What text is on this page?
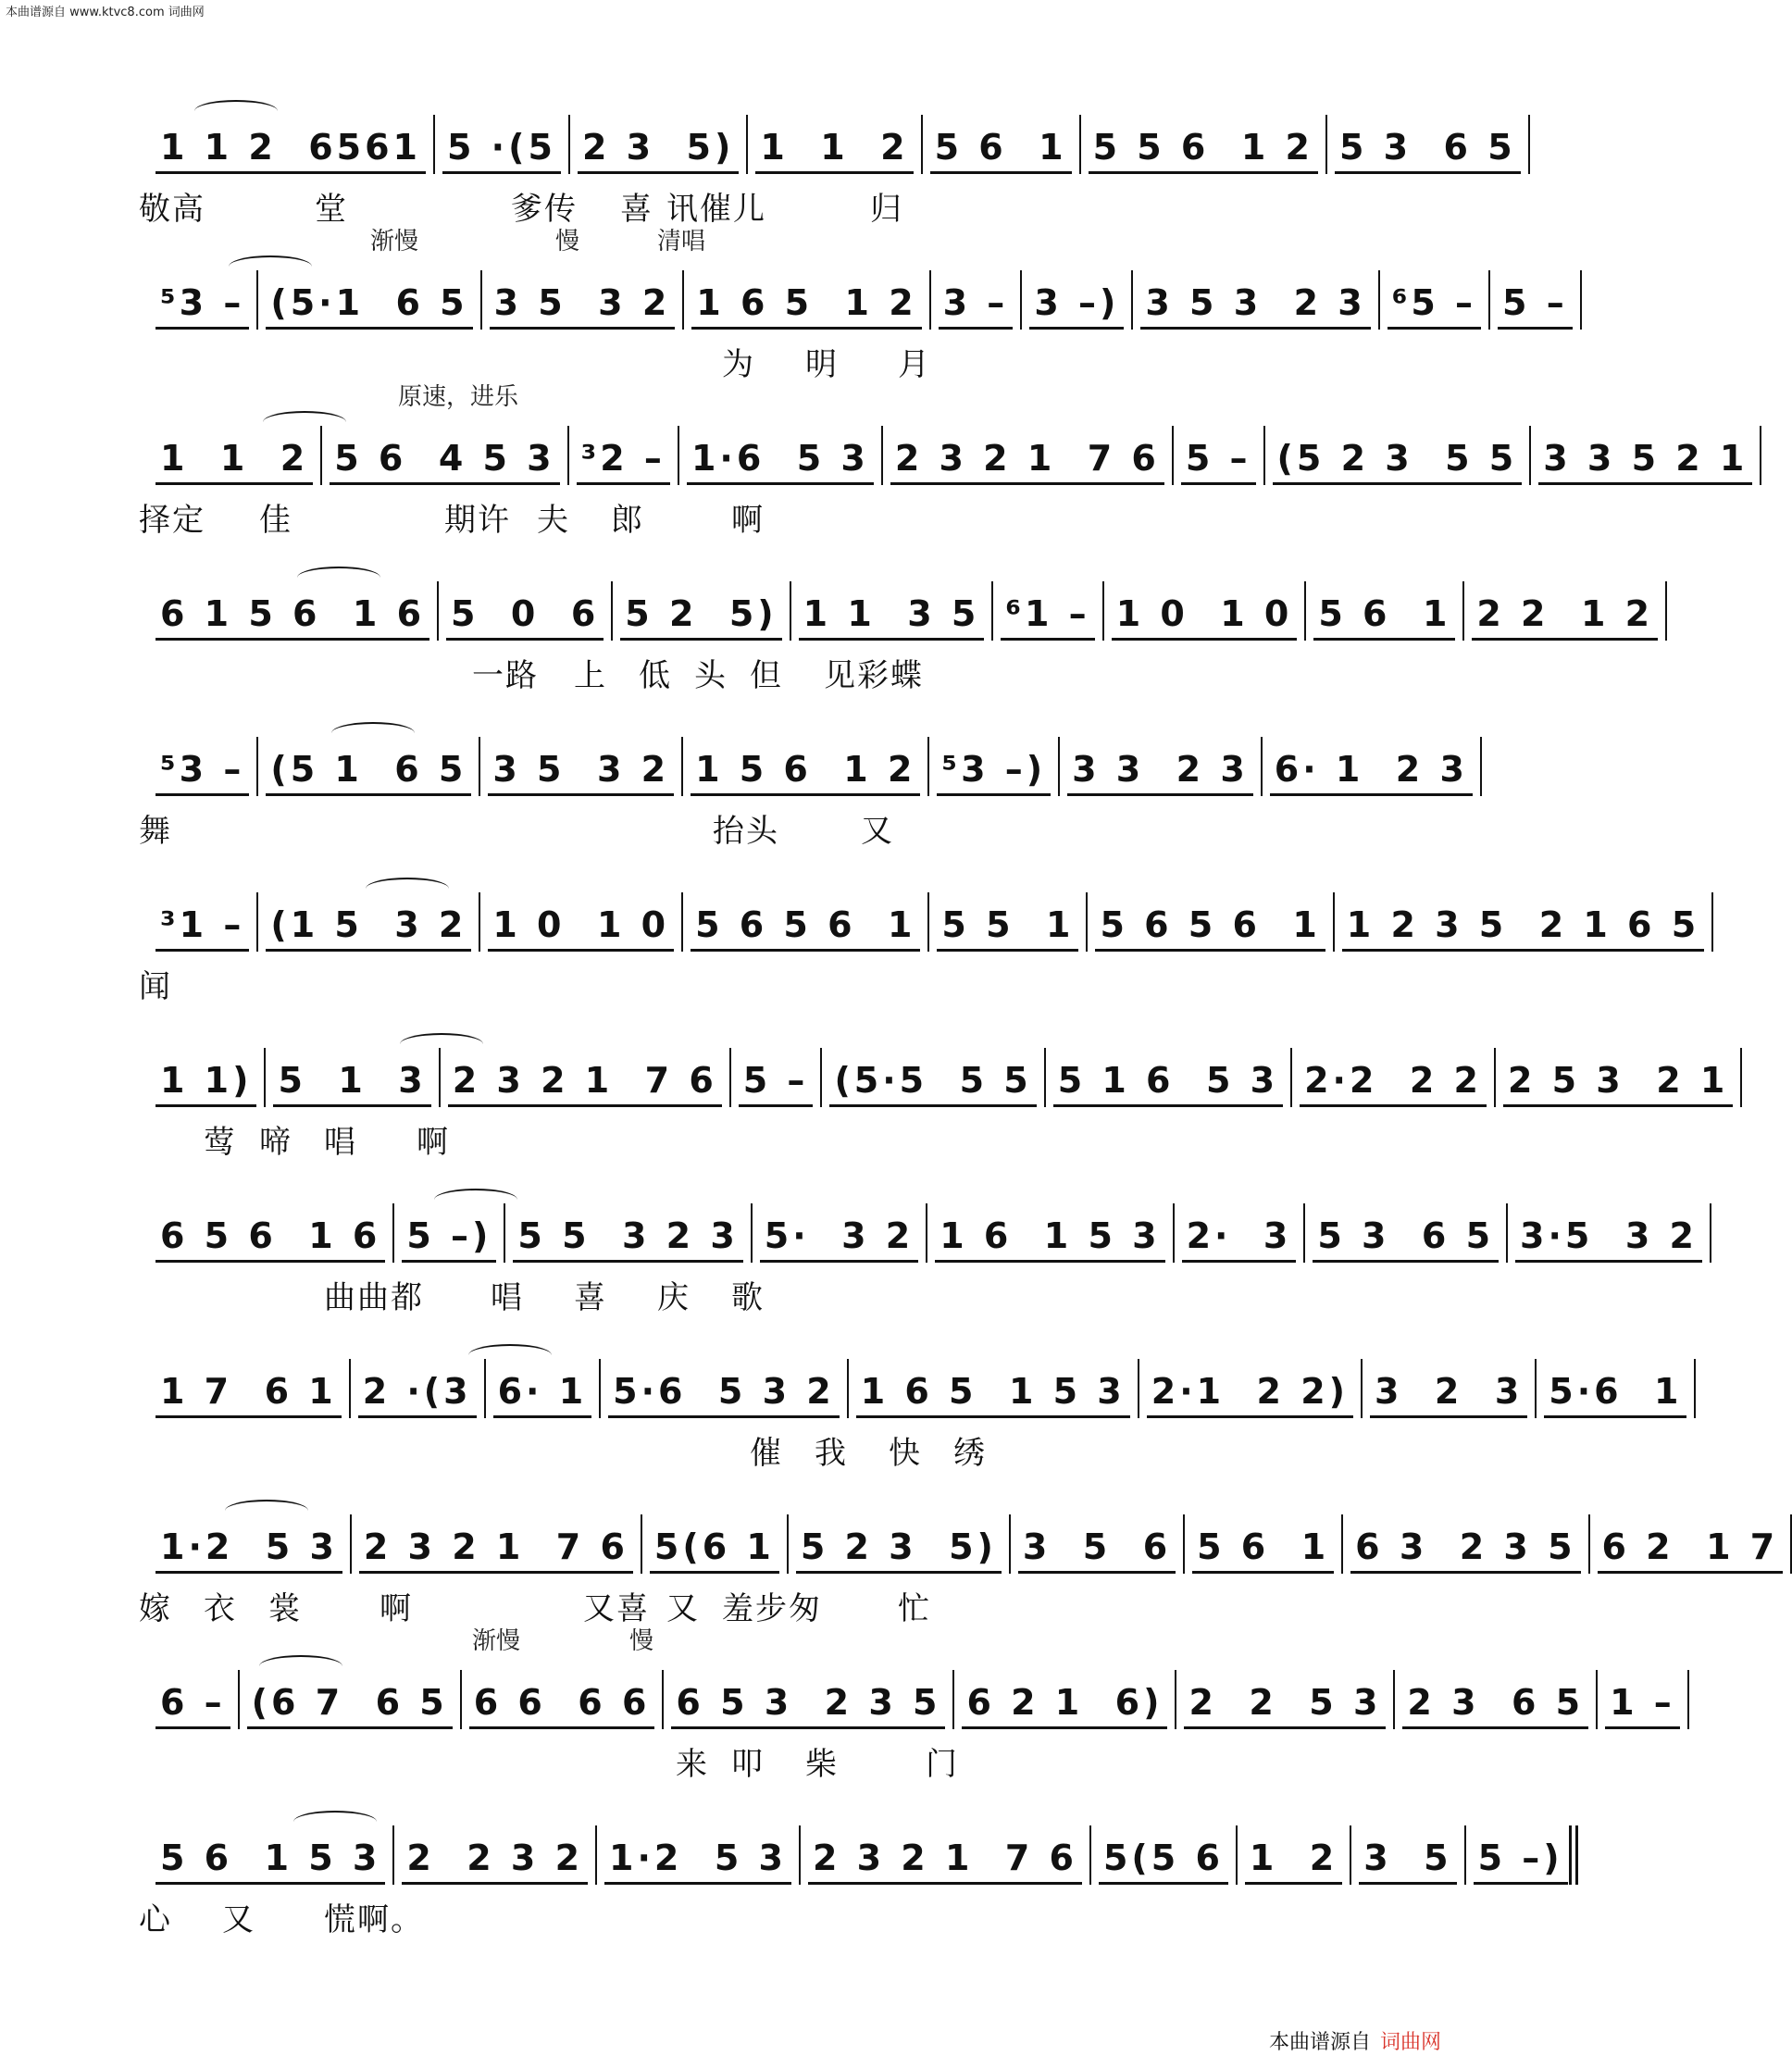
本曲谱源自 www.ktvc8.com 词曲网
1 1 2  6561 5 ·(5 2 3  5) 1  1  2 5 6  1 5 5 6  1 2 5 3  6 5
敬高	堂	爹传 喜 讯催儿	归
渐慢	慢	清唱
⁵3 – (5·1  6 5 3 5  3 2 1 6 5  1 2 3 – 3 –) 3 5 3  2 3 ⁶5 – 5 –
为 明 月
原速，进乐
1  1  2 5 6  4 5 3 ³2 – 1·6  5 3 2 3 2 1  7 6 5 – (5 2 3  5 5 3 3 5 2 1
择定 佳	期许 夫 郎	啊
6 1 5 6  1 6 5  0  6 5 2  5) 1 1  3 5 ⁶1 – 1 0  1 0 5 6  1 2 2  1 2
一路 上 低 头 但 见彩蝶
⁵3 – (5 1  6 5 3 5  3 2 1 5 6  1 2 ⁵3 –) 3 3  2 3 6· 1  2 3
舞	抬头	又
³1 – (1 5  3 2 1 0  1 0 5 6 5 6  1 5 5  1 5 6 5 6  1 1 2 3 5  2 1 6 5
闻
1 1) 5  1  3 2 3 2 1  7 6 5 – (5·5  5 5 5 1 6  5 3 2·2  2 2 2 5 3  2 1
莺 啼 唱 啊
6 5 6  1 6 5 –) 5 5  3 2 3 5·  3 2 1 6  1 5 3 2·  3 5 3  6 5 3·5  3 2
曲曲都 唱 喜 庆 歌
1 7  6 1 2 ·(3 6· 1 5·6  5 3 2 1 6 5  1 5 3 2·1  2 2) 3  2  3 5·6  1
催 我 快 绣
1·2  5 3 2 3 2 1  7 6 5(6 1 5 2 3  5) 3  5  6 5 6  1 6 3  2 3 5 6 2  1 7
嫁 衣 裳 啊	又喜 又 羞步匆 忙
渐慢	慢
6 – (6 7  6 5 6 6  6 6 6 5 3  2 3 5 6 2 1  6) 2  2  5 3 2 3  6 5 1 –
来 叩 柴	门
5 6  1 5 3 2  2 3 2 1·2  5 3 2 3 2 1  7 6 5(5 6 1  2 3  5 5 –)
心 又 慌啊。
本曲谱源自 词曲网
